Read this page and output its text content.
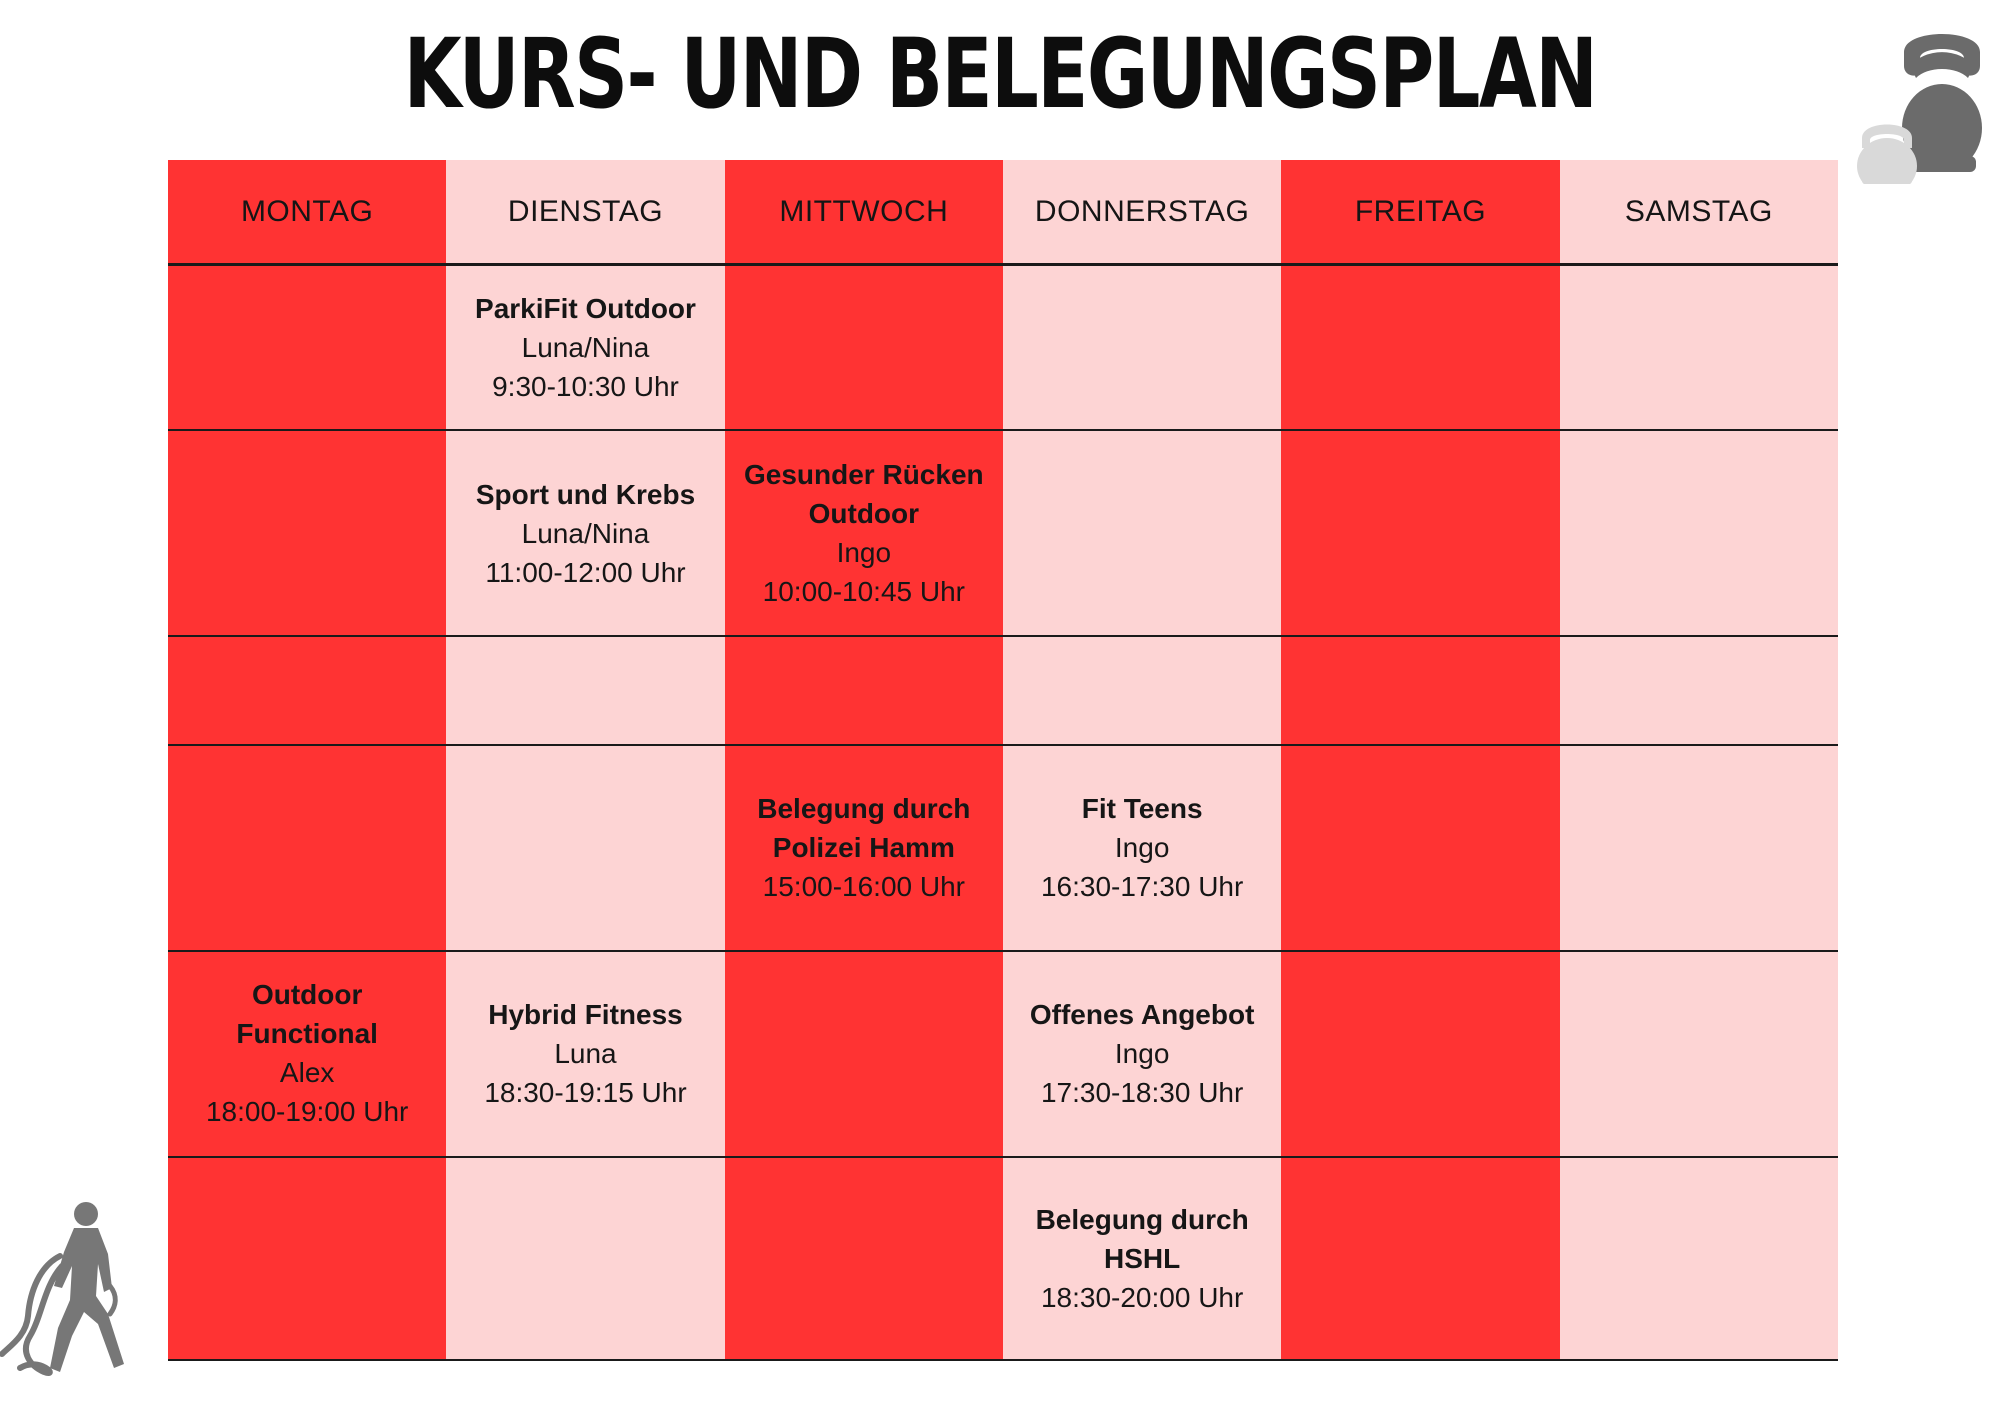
KURS- UND BELEGUNGSPLAN
MONTAG
Outdoor Functional
Alex
18:00-19:00 Uhr
DIENSTAG
ParkiFit Outdoor
Luna/Nina
9:30-10:30 Uhr
Sport und Krebs
Luna/Nina
11:00-12:00 Uhr
Hybrid Fitness
Luna
18:30-19:15 Uhr
MITTWOCH
Gesunder Rücken Outdoor
Ingo
10:00-10:45 Uhr
Belegung durch Polizei Hamm
15:00-16:00 Uhr
DONNERSTAG
Fit Teens
Ingo
16:30-17:30 Uhr
Offenes Angebot
Ingo
17:30-18:30 Uhr
Belegung durch HSHL
18:30-20:00 Uhr
FREITAG	SAMSTAG
